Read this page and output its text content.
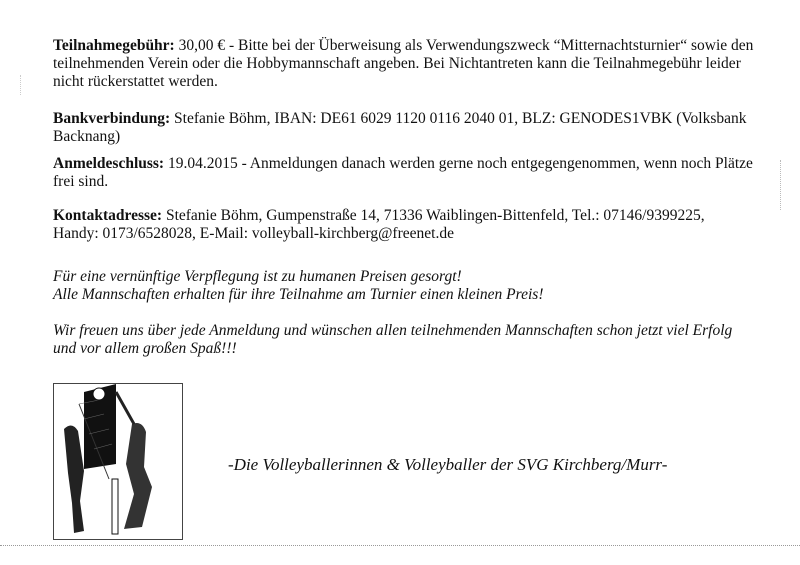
Teilnahmegebühr: 30,00 € - Bitte bei der Überweisung als Verwendungszweck “Mitternachtsturnier“ sowie den
teilnehmenden Verein oder die Hobbymannschaft angeben. Bei Nichtantreten kann die Teilnahmegebühr leider
nicht rückerstattet werden.
Bankverbindung: Stefanie Böhm, IBAN: DE61 6029 1120 0116 2040 01, BLZ: GENODES1VBK (Volksbank
Backnang)
Anmeldeschluss: 19.04.2015 - Anmeldungen danach werden gerne noch entgegengenommen, wenn noch Plätze
frei sind.
Kontaktadresse: Stefanie Böhm, Gumpenstraße 14, 71336 Waiblingen-Bittenfeld, Tel.: 07146/9399225,
Handy: 0173/6528028, E-Mail: volleyball-kirchberg@freenet.de
Für eine vernünftige Verpflegung ist zu humanen Preisen gesorgt!
Alle Mannschaften erhalten für ihre Teilnahme am Turnier einen kleinen Preis!
Wir freuen uns über jede Anmeldung und wünschen allen teilnehmenden Mannschaften schon jetzt viel Erfolg
und vor allem großen Spaß!!!
-Die Volleyballerinnen & Volleyballer der SVG Kirchberg/Murr-
